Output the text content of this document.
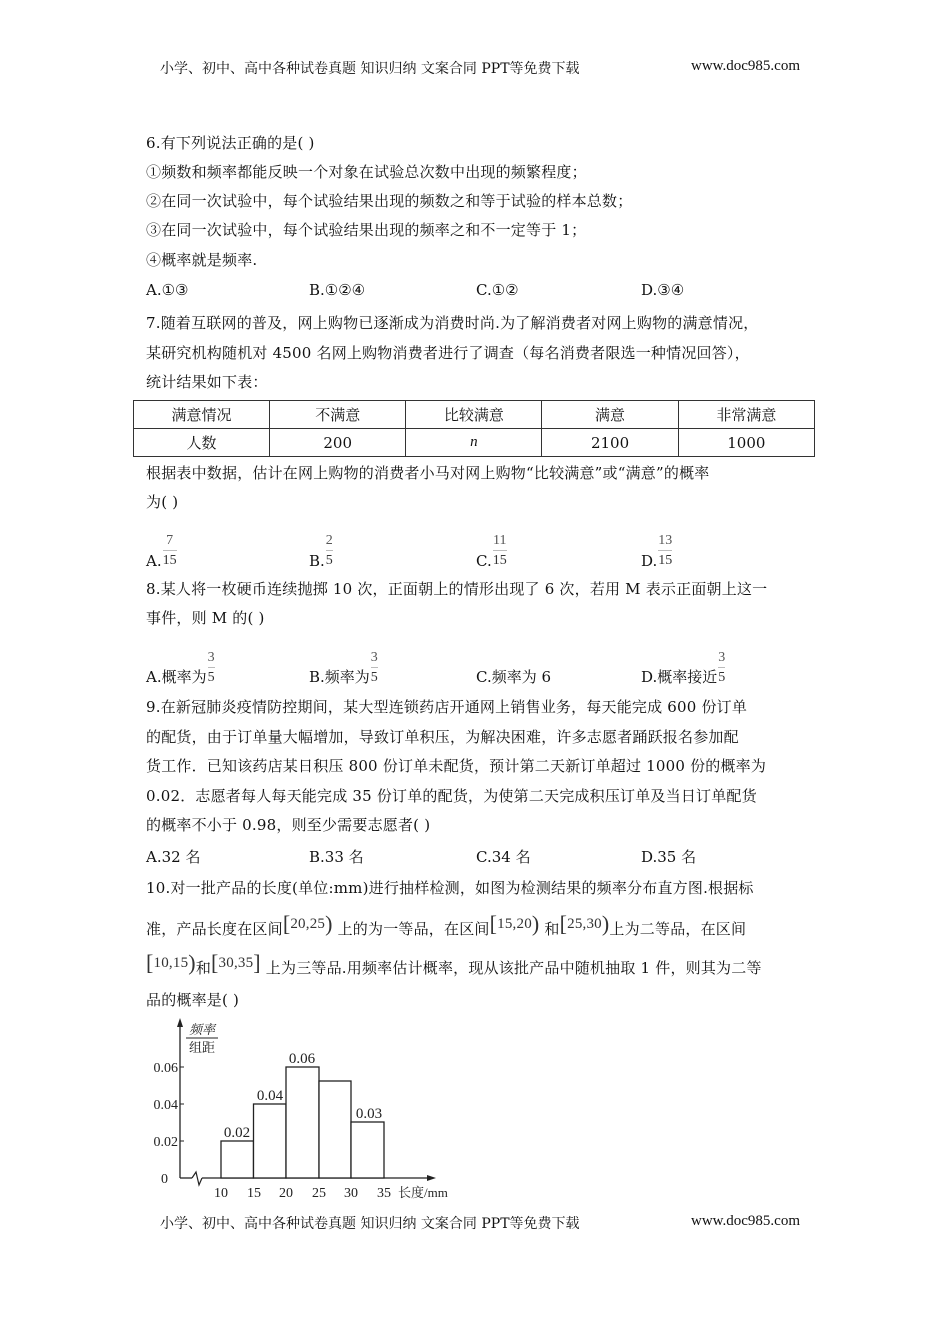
小学、初中、高中各种试卷真题 知识归纳 文案合同 PPT等免费下载	www.doc985.com
6.有下列说法正确的是( )
①频数和频率都能反映一个对象在试验总次数中出现的频繁程度；
②在同一次试验中，每个试验结果出现的频数之和等于试验的样本总数；
③在同一次试验中，每个试验结果出现的频率之和不一定等于 1；
④概率就是频率.
A.①③	B.①②④	C.①②	D.③④
7.随着互联网的普及，网上购物已逐渐成为消费时尚.为了解消费者对网上购物的满意情况，
某研究机构随机对 4500 名网上购物消费者进行了调查（每名消费者限选一种情况回答），
统计结果如下表：
满意情况	不满意	比较满意	满意	非常满意
人数	200	n	2100	1000
根据表中数据，估计在网上购物的消费者小马对网上购物“比较满意”或“满意”的概率
为( )
A. $\frac{7}{15}$	B. $\frac{2}{5}$	C. $\frac{11}{15}$	D. $\frac{13}{15}$
8.某人将一枚硬币连续抛掷 10 次，正面朝上的情形出现了 6 次，若用 M 表示正面朝上这一
事件，则 M 的( )
A.概率为 $\frac{3}{5}$	B.频率为 $\frac{3}{5}$	C.频率为 6	D.概率接近 $\frac{3}{5}$
9.在新冠肺炎疫情防控期间，某大型连锁药店开通网上销售业务，每天能完成 600 份订单
的配货，由于订单量大幅增加，导致订单积压，为解决困难，许多志愿者踊跃报名参加配
货工作．已知该药店某日积压 800 份订单未配货，预计第二天新订单超过 1000 份的概率为
0.02．志愿者每人每天能完成 35 份订单的配货，为使第二天完成积压订单及当日订单配货
的概率不小于 0.98，则至少需要志愿者( )
A.32 名	B.33 名	C.34 名	D.35 名
10.对一批产品的长度(单位:mm)进行抽样检测，如图为检测结果的频率分布直方图.根据标
准，产品长度在区间[20,25) 上的为一等品，在区间[15,20) 和[25,30)上为二等品，在区间
[10,15)和[30,35] 上为三等品.用频率估计概率，现从该批产品中随机抽取 1 件，则其为二等
品的概率是( )
0
0.02
0.04
0.06
频率
组距
0.02
0.04
0.06
0.03
10 15 20 25 30 35 长度/mm
小学、初中、高中各种试卷真题 知识归纳 文案合同 PPT等免费下载	www.doc985.com
